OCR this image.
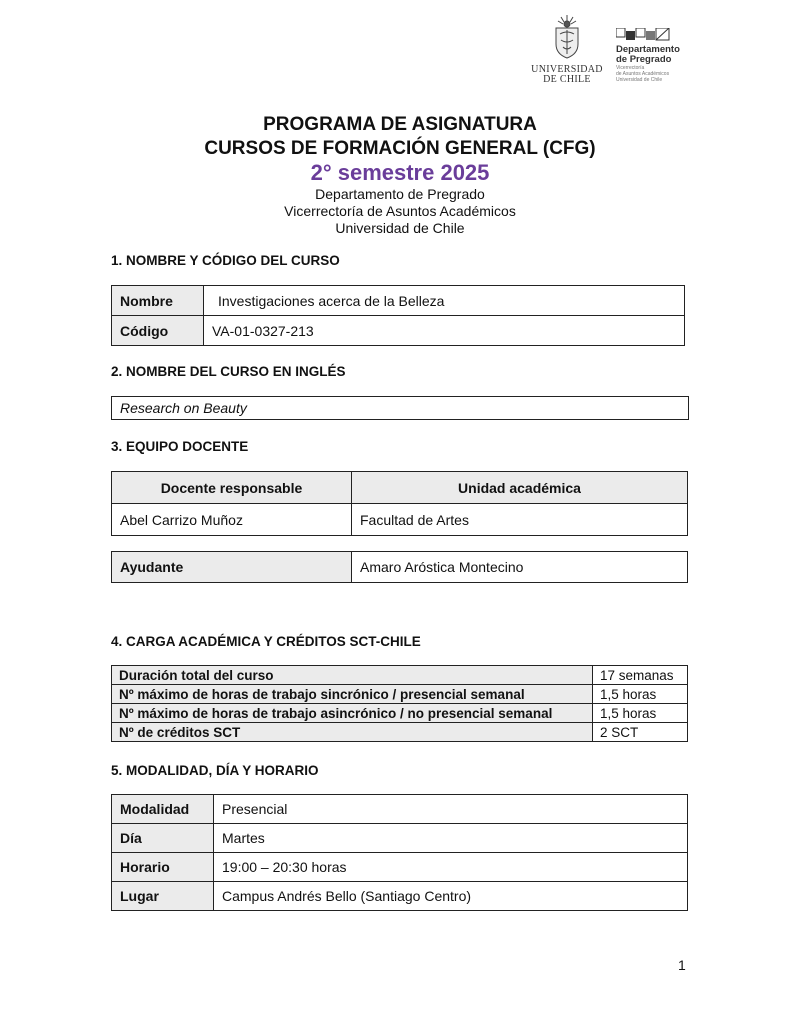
UNIVERSIDAD
DE CHILE
Departamento
de Pregrado
Vicerrectoría
de Asuntos Académicos
Universidad de Chile
PROGRAMA DE ASIGNATURA
CURSOS DE FORMACIÓN GENERAL (CFG)
2° semestre 2025
Departamento de Pregrado
Vicerrectoría de Asuntos Académicos
Universidad de Chile
1. NOMBRE Y CÓDIGO DEL CURSO
Nombre	Investigaciones acerca de la Belleza
Código	VA-01-0327-213
2. NOMBRE DEL CURSO EN INGLÉS
Research on Beauty
3. EQUIPO DOCENTE
Docente responsable	Unidad académica
Abel Carrizo Muñoz	Facultad de Artes
Ayudante	Amaro Aróstica Montecino
4. CARGA ACADÉMICA Y CRÉDITOS SCT-CHILE
Duración total del curso	17 semanas
Nº máximo de horas de trabajo sincrónico / presencial semanal	1,5 horas
Nº máximo de horas de trabajo asincrónico / no presencial semanal	1,5 horas
Nº de créditos SCT	2 SCT
5. MODALIDAD, DÍA Y HORARIO
Modalidad	Presencial
Día	Martes
Horario	19:00 – 20:30 horas
Lugar	Campus Andrés Bello (Santiago Centro)
1
